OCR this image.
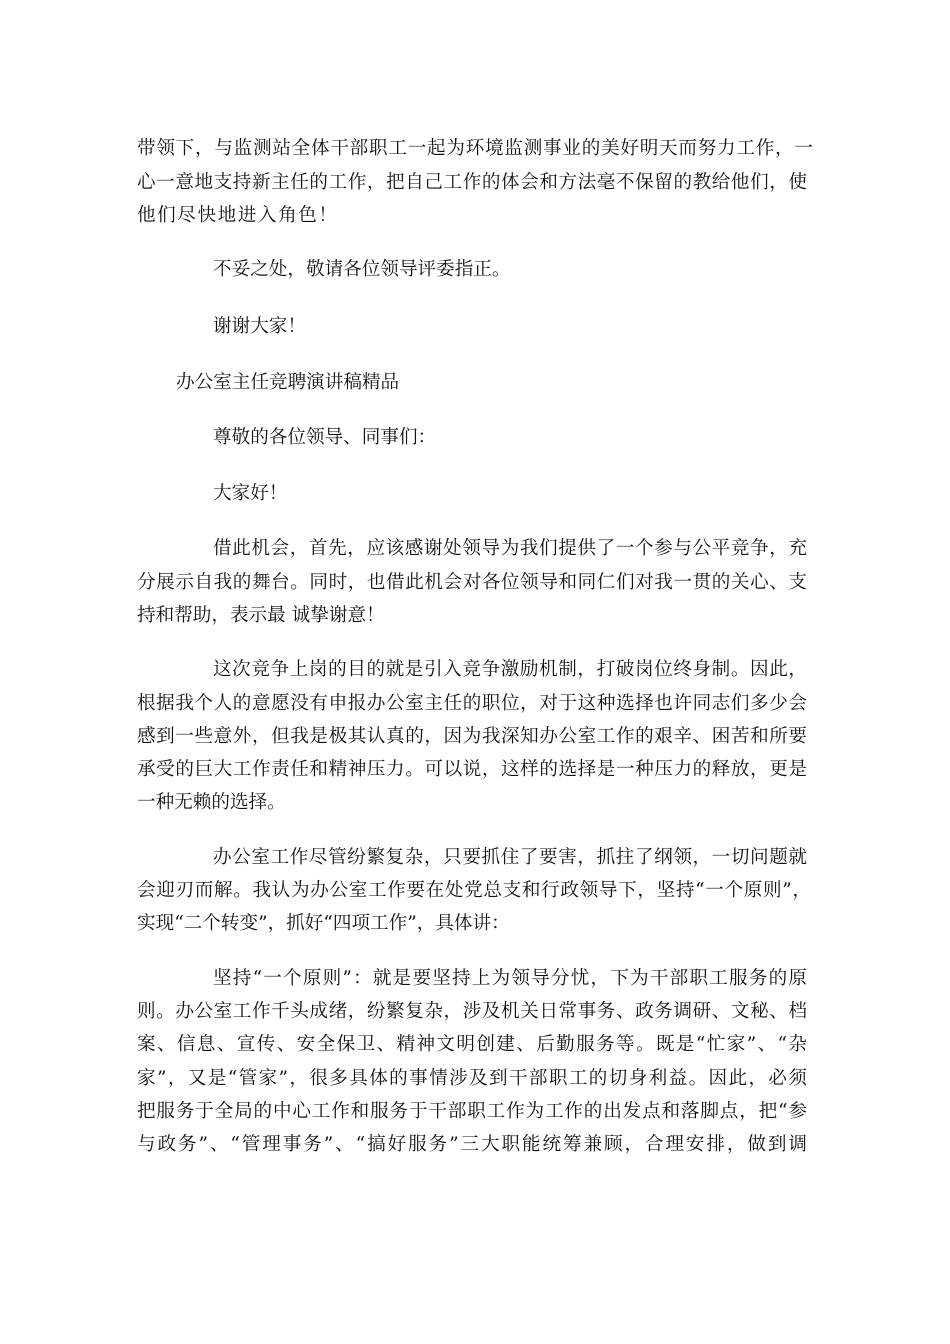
带领下，与监测站全体干部职工一起为环境监测事业的美好明天而努力工作，一
心一意地支持新主任的工作，把自己工作的体会和方法毫不保留的教给他们，使
他们尽快地进入角色！
不妥之处，敬请各位领导评委指正。
谢谢大家！
办公室主任竞聘演讲稿精品
尊敬的各位领导、同事们：
大家好！
借此机会，首先，应该感谢处领导为我们提供了一个参与公平竞争，充
分展示自我的舞台。同时，也借此机会对各位领导和同仁们对我一贯的关心、支
持和帮助，表示最 诚挚谢意！
这次竞争上岗的目的就是引入竞争激励机制，打破岗位终身制。因此，
根据我个人的意愿没有申报办公室主任的职位，对于这种选择也许同志们多少会
感到一些意外，但我是极其认真的，因为我深知办公室工作的艰辛、困苦和所要
承受的巨大工作责任和精神压力。可以说，这样的选择是一种压力的释放，更是
一种无赖的选择。
办公室工作尽管纷繁复杂，只要抓住了要害，抓拄了纲领，一切问题就
会迎刃而解。我认为办公室工作要在处党总支和行政领导下，坚持“一个原则”，
实现“二个转变”，抓好“四项工作”，具体讲：
坚持“一个原则”：就是要坚持上为领导分忧，下为干部职工服务的原
则。办公室工作千头成绪，纷繁复杂，涉及机关日常事务、政务调研、文秘、档
案、信息、宣传、安全保卫、精神文明创建、后勤服务等。既是“忙家”、“杂
家”，又是“管家”，很多具体的事情涉及到干部职工的切身利益。因此，必须
把服务于全局的中心工作和服务于干部职工作为工作的出发点和落脚点，把“参
与政务”、“管理事务”、“搞好服务”三大职能统筹兼顾，合理安排，做到调
